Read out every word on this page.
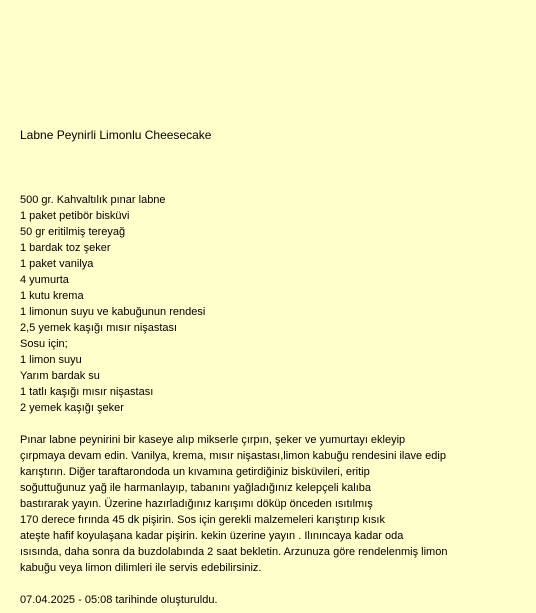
Labne Peynirli Limonlu Cheesecake
500 gr. Kahvaltılık pınar labne
1 paket petibör bisküvi
50 gr eritilmiş tereyağ
1 bardak toz şeker
1 paket vanilya
4 yumurta
1 kutu krema
1 limonun suyu ve kabuğunun rendesi
2,5 yemek kaşığı mısır nişastası
Sosu için;
1 limon suyu
Yarım bardak su
1 tatlı kaşığı mısır nişastası
2 yemek kaşığı şeker
Pınar labne peynirini bir kaseye alıp mikserle çırpın, şeker ve yumurtayı ekleyip
çırpmaya devam edin. Vanilya, krema, mısır nişastası,limon kabuğu rendesini ilave edip
karıştırın. Diğer taraftarondoda un kıvamına getirdiğiniz bisküvileri, eritip
soğuttuğunuz yağ ile harmanlayıp, tabanını yağladığınız kelepçeli kalıba
bastırarak yayın. Üzerine hazırladığınız karışımı döküp önceden ısıtılmış
170 derece fırında 45 dk pişirin. Sos için gerekli malzemeleri karıştırıp kısık
ateşte hafif koyulaşana kadar pişirin. kekin üzerine yayın . Ilınıncaya kadar oda
ısısında, daha sonra da buzdolabında 2 saat bekletin. Arzunuza göre rendelenmiş limon
kabuğu veya limon dilimleri ile servis edebilirsiniz.
07.04.2025 - 05:08 tarihinde oluşturuldu.
